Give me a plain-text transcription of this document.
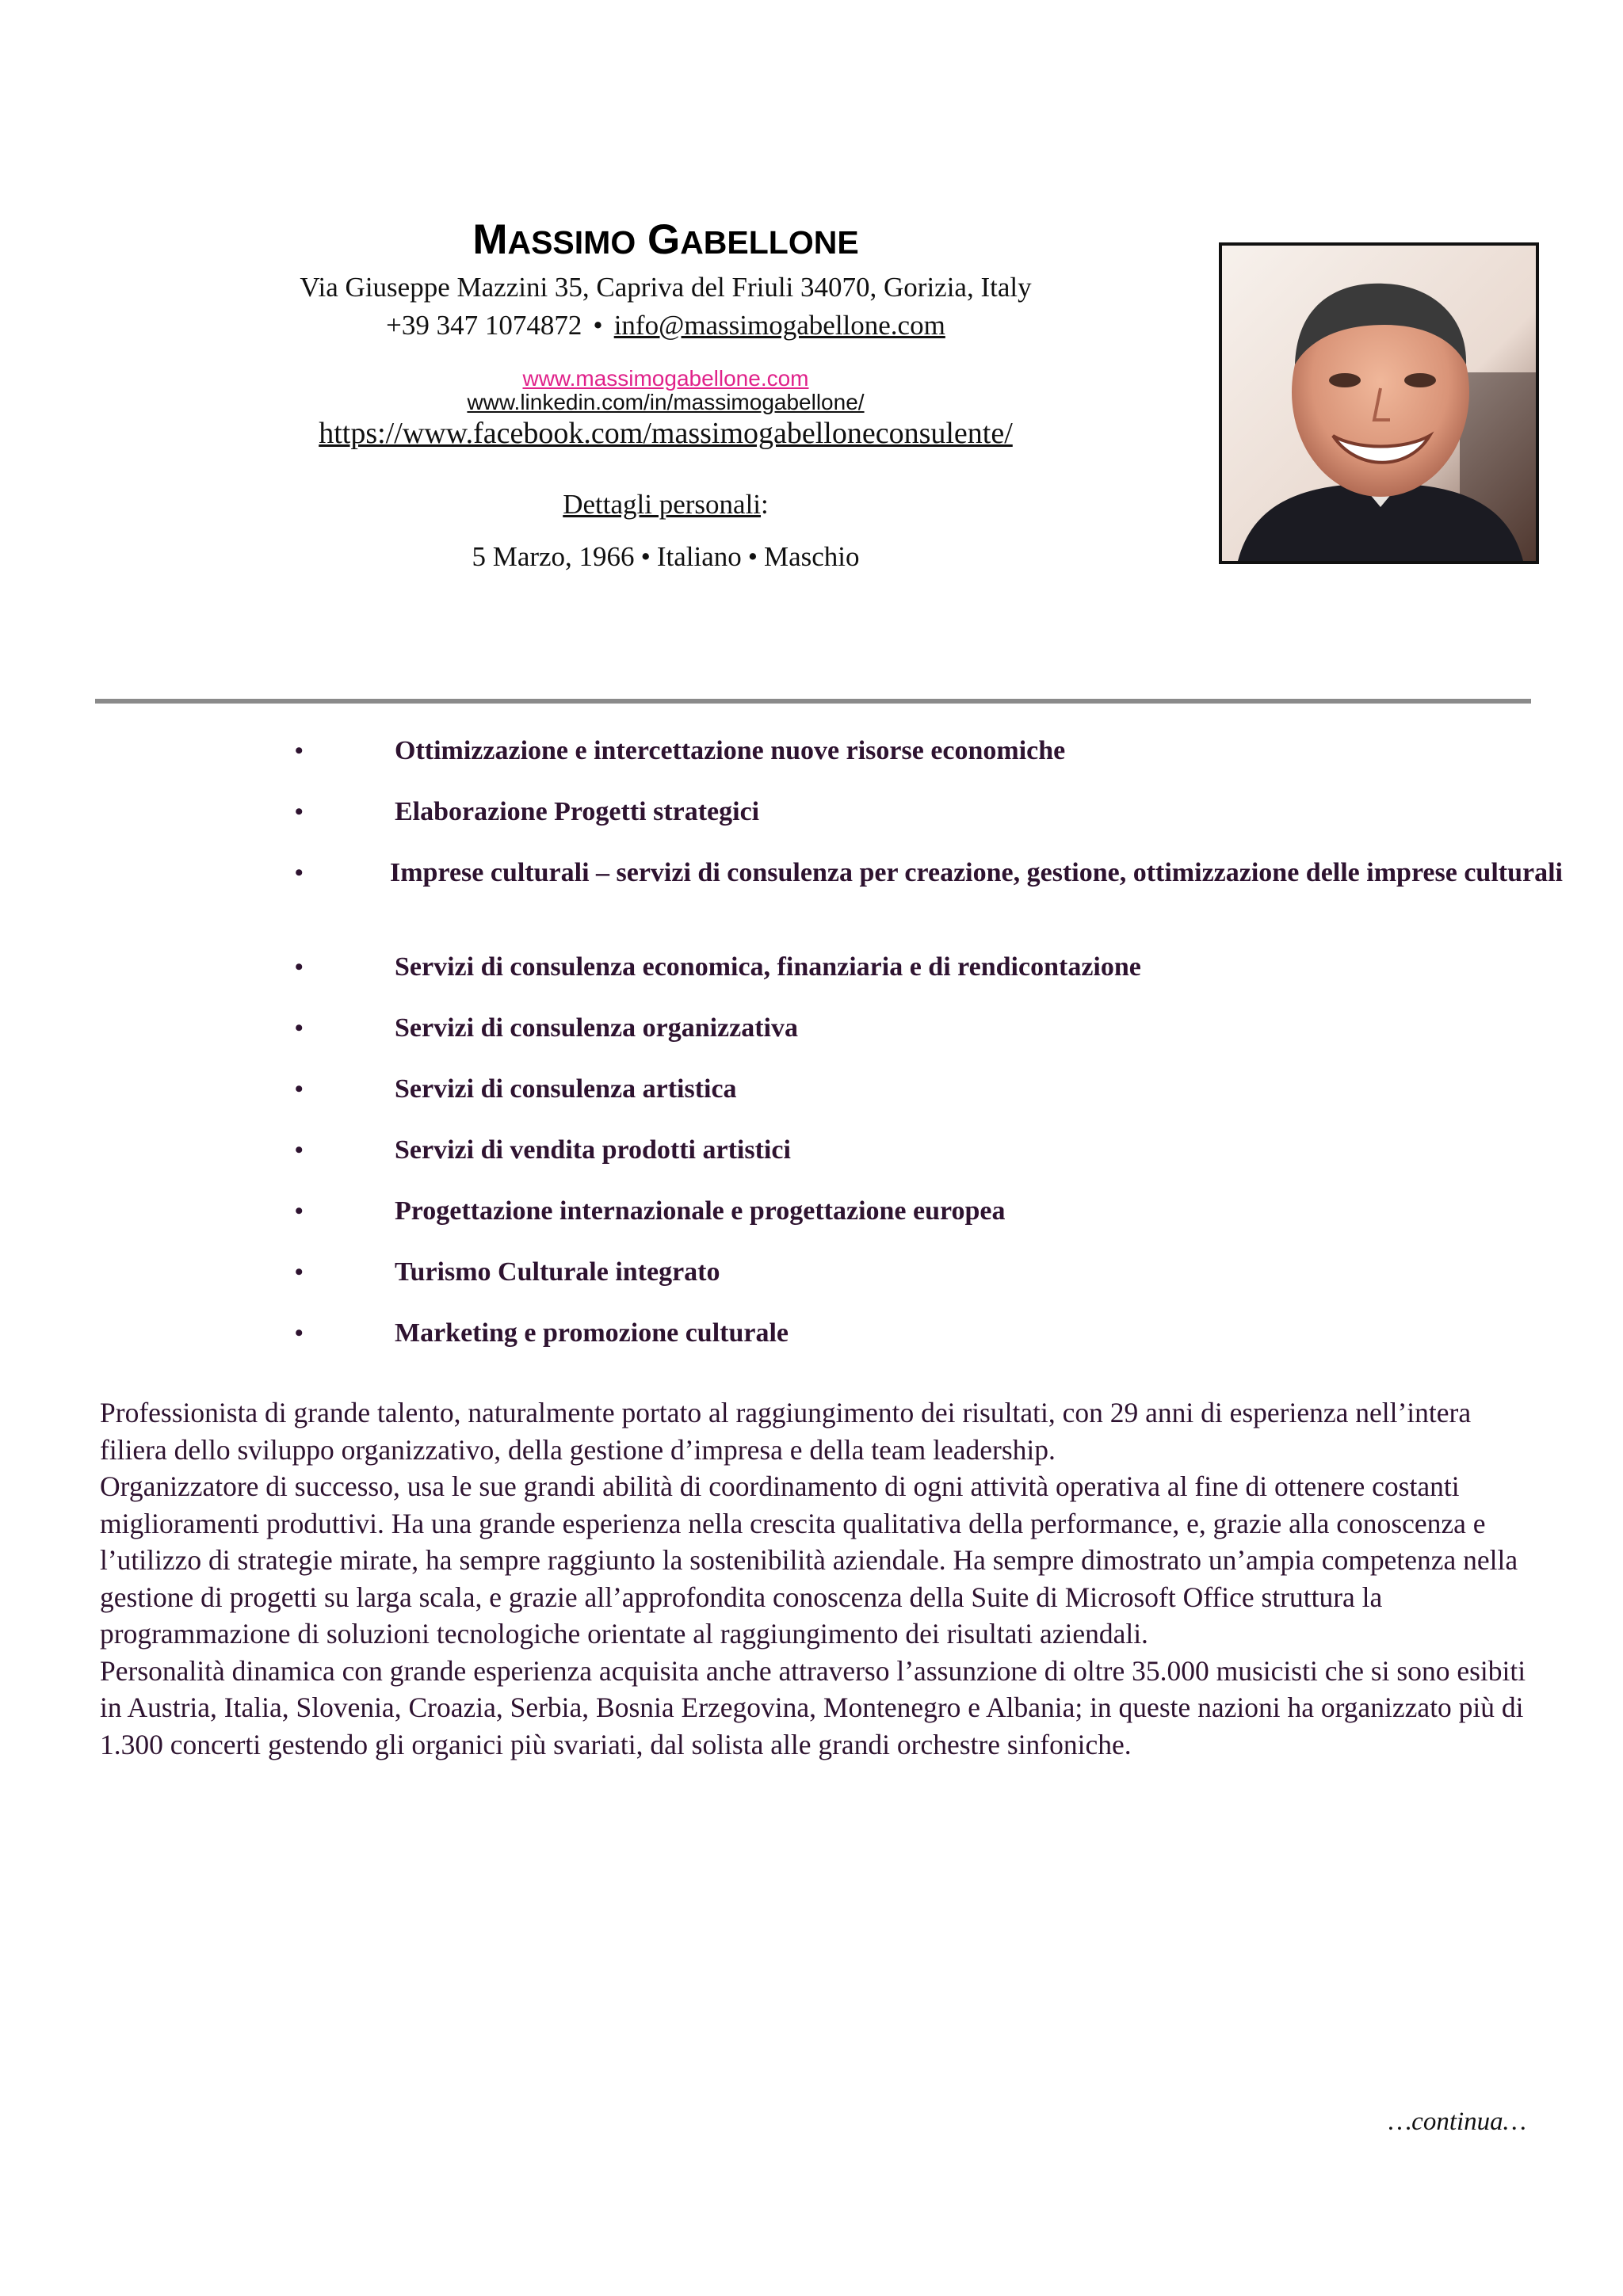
MASSIMO GABELLONE
Via Giuseppe Mazzini 35, Capriva del Friuli 34070, Gorizia, Italy
+39 347 1074872 • info@massimogabellone.com
www.massimogabellone.com
www.linkedin.com/in/massimogabellone/
https://www.facebook.com/massimogabelloneconsulente/
Dettagli personali:
5 Marzo, 1966 • Italiano • Maschio
•	Ottimizzazione e intercettazione nuove risorse economiche
•	Elaborazione Progetti strategici
•	Imprese culturali – servizi di consulenza per creazione, gestione, ottimizzazione delle imprese culturali
•	Servizi di consulenza economica, finanziaria e di rendicontazione
•	Servizi di consulenza organizzativa
•	Servizi di consulenza artistica
•	Servizi di vendita prodotti artistici
•	Progettazione internazionale e progettazione europea
•	Turismo Culturale integrato
•	Marketing e promozione culturale

Professionista di grande talento, naturalmente portato al raggiungimento dei risultati, con 29 anni di esperienza nell’intera filiera dello sviluppo organizzativo, della gestione d’impresa e della team leadership.

Organizzatore di successo, usa le sue grandi abilità di coordinamento di ogni attività operativa al fine di ottenere costanti miglioramenti produttivi. Ha una grande esperienza nella crescita qualitativa della performance, e, grazie alla conoscenza e l’utilizzo di strategie mirate, ha sempre raggiunto la sostenibilità aziendale. Ha sempre dimostrato un’ampia competenza nella gestione di progetti su larga scala, e grazie all’approfondita conoscenza della Suite di Microsoft Office struttura la programmazione di soluzioni tecnologiche orientate al raggiungimento dei risultati aziendali.

Personalità dinamica con grande esperienza acquisita anche attraverso l’assunzione di oltre 35.000 musicisti che si sono esibiti in Austria, Italia, Slovenia, Croazia, Serbia, Bosnia Erzegovina, Montenegro e Albania; in queste nazioni ha organizzato più di 1.300 concerti gestendo gli organici più svariati, dal solista alle grandi orchestre sinfoniche.

…continua…
